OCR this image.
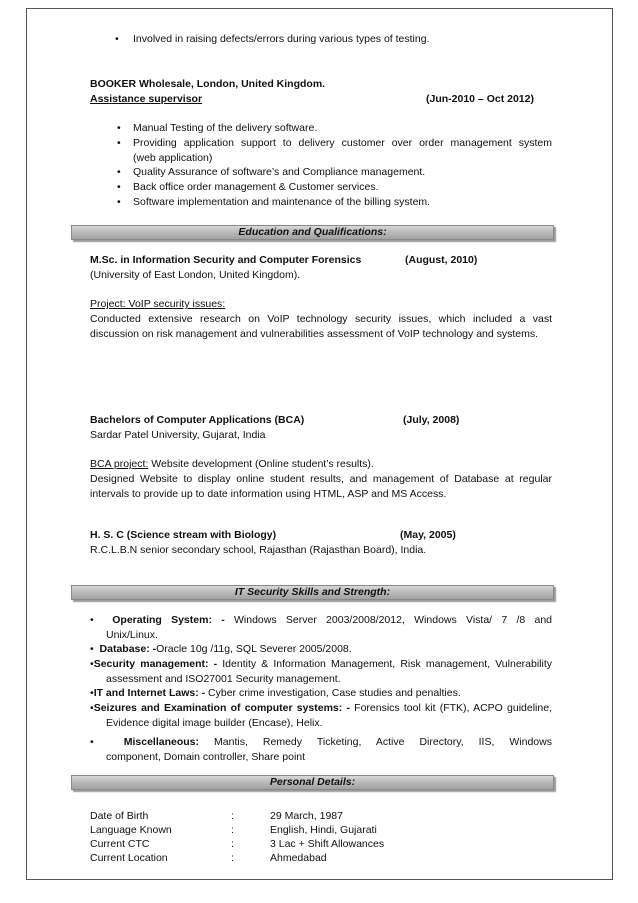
• Involved in raising defects/errors during various types of testing.
BOOKER Wholesale, London, United Kingdom.
Assistance supervisor	(Jun-2010 – Oct 2012)
• Manual Testing of the delivery software.
• Providing application support to delivery customer over order management system
(web application)
• Quality Assurance of software’s and Compliance management.
• Back office order management & Customer services.
• Software implementation and maintenance of the billing system.
Education and Qualifications:
M.Sc. in Information Security and Computer Forensics	(August, 2010)
(University of East London, United Kingdom).
Project: VoIP security issues:
Conducted extensive research on VoIP technology security issues, which included a vast
discussion on risk management and vulnerabilities assessment of VoIP technology and systems.
Bachelors of Computer Applications (BCA)	(July, 2008)
Sardar Patel University, Gujarat, India
BCA project: Website development (Online student’s results).
Designed Website to display online student results, and management of Database at regular
intervals to provide up to date information using HTML, ASP and MS Access.
H. S. C (Science stream with Biology)	(May, 2005)
R.C.L.B.N senior secondary school, Rajasthan (Rajasthan Board), India.
IT Security Skills and Strength:
• Operating System: - Windows Server 2003/2008/2012, Windows Vista/ 7 /8 and
Unix/Linux.
• Database: -Oracle 10g /11g, SQL Severer 2005/2008.
•Security management: - Identity & Information Management, Risk management, Vulnerability
assessment and ISO27001 Security management.
•IT and Internet Laws: - Cyber crime investigation, Case studies and penalties.
•Seizures and Examination of computer systems: - Forensics tool kit (FTK), ACPO guideline,
Evidence digital image builder (Encase), Helix.
•	Miscellaneous: Mantis, Remedy Ticketing, Active Directory, IIS, Windows
component, Domain controller, Share point
Personal Details:
Date of Birth	:	29 March, 1987
Language Known	:	English, Hindi, Gujarati
Current CTC	:	3 Lac + Shift Allowances
Current Location	:	Ahmedabad
